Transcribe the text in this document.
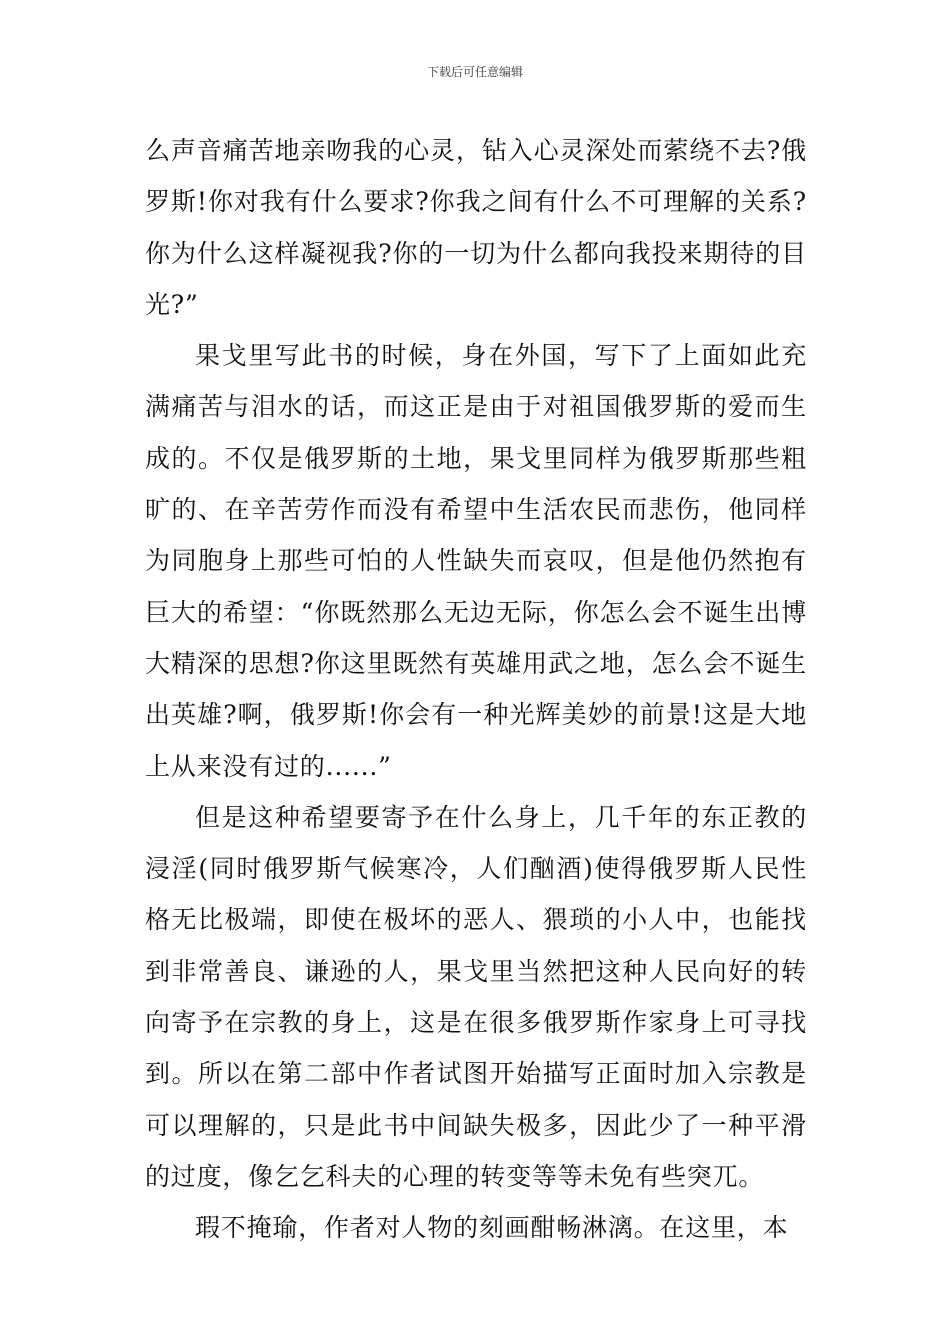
下载后可任意编辑

么声音痛苦地亲吻我的心灵，钻入心灵深处而萦绕不去?俄罗斯!你对我有什么要求?你我之间有什么不可理解的关系?你为什么这样凝视我?你的一切为什么都向我投来期待的目光?”

果戈里写此书的时候，身在外国，写下了上面如此充满痛苦与泪水的话，而这正是由于对祖国俄罗斯的爱而生成的。不仅是俄罗斯的土地，果戈里同样为俄罗斯那些粗旷的、在辛苦劳作而没有希望中生活农民而悲伤，他同样为同胞身上那些可怕的人性缺失而哀叹，但是他仍然抱有巨大的希望：“你既然那么无边无际，你怎么会不诞生出博大精深的思想?你这里既然有英雄用武之地，怎么会不诞生出英雄?啊，俄罗斯!你会有一种光辉美妙的前景!这是大地上从来没有过的......”

但是这种希望要寄予在什么身上，几千年的东正教的浸淫(同时俄罗斯气候寒冷，人们酗酒)使得俄罗斯人民性格无比极端，即使在极坏的恶人、猥琐的小人中，也能找到非常善良、谦逊的人，果戈里当然把这种人民向好的转向寄予在宗教的身上，这是在很多俄罗斯作家身上可寻找到。所以在第二部中作者试图开始描写正面时加入宗教是可以理解的，只是此书中间缺失极多，因此少了一种平滑的过度，像乞乞科夫的心理的转变等等未免有些突兀。

瑕不掩瑜，作者对人物的刻画酣畅淋漓。在这里，本
